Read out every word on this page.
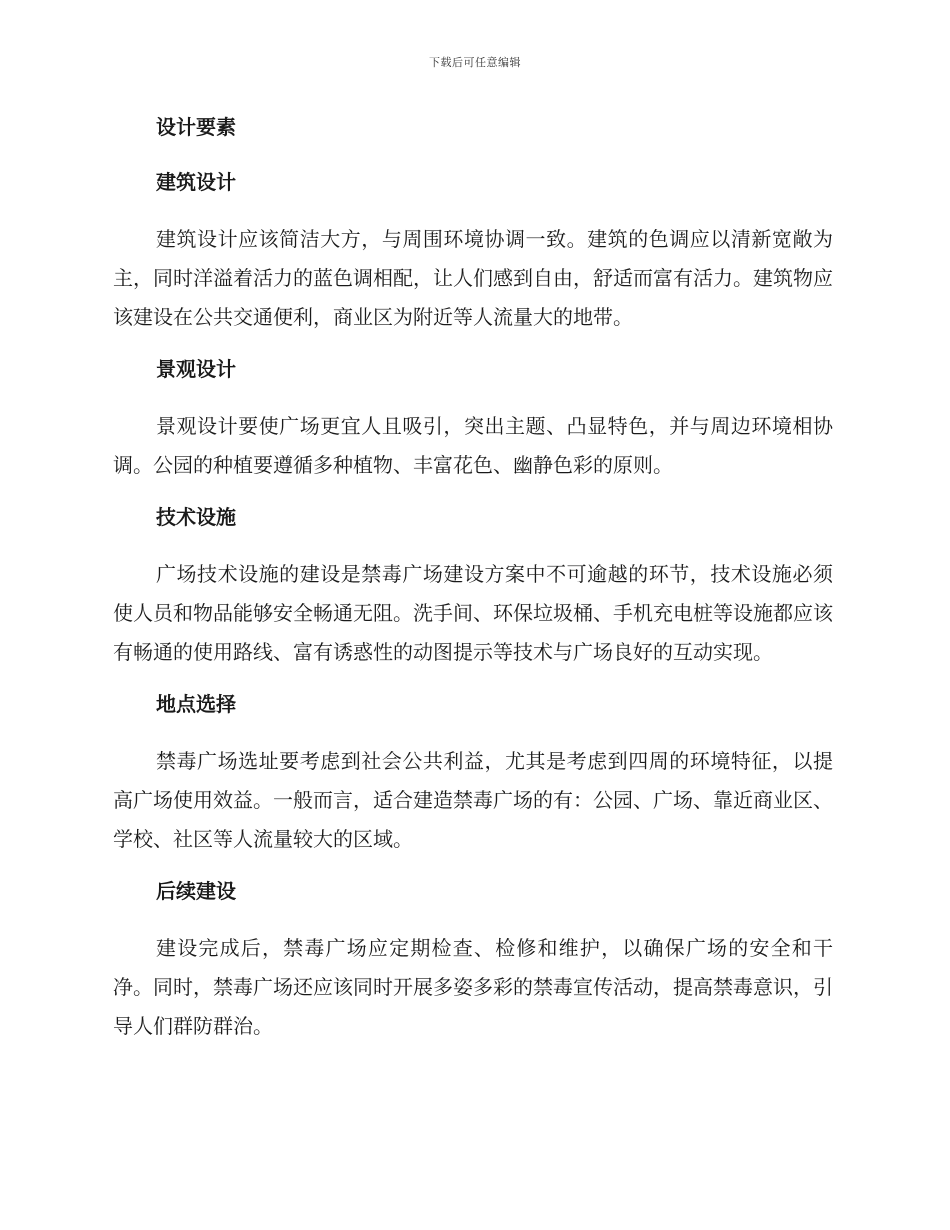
下载后可任意编辑
设计要素
建筑设计

建筑设计应该简洁大方，与周围环境协调一致。建筑的色调应以清新宽敞为主，同时洋溢着活力的蓝色调相配，让人们感到自由，舒适而富有活力。建筑物应该建设在公共交通便利，商业区为附近等人流量大的地带。

景观设计

景观设计要使广场更宜人且吸引，突出主题、凸显特色，并与周边环境相协调。公园的种植要遵循多种植物、丰富花色、幽静色彩的原则。

技术设施

广场技术设施的建设是禁毒广场建设方案中不可逾越的环节，技术设施必须使人员和物品能够安全畅通无阻。洗手间、环保垃圾桶、手机充电桩等设施都应该有畅通的使用路线、富有诱惑性的动图提示等技术与广场良好的互动实现。

地点选择

禁毒广场选址要考虑到社会公共利益，尤其是考虑到四周的环境特征，以提高广场使用效益。一般而言，适合建造禁毒广场的有：公园、广场、靠近商业区、学校、社区等人流量较大的区域。

后续建设

建设完成后，禁毒广场应定期检查、检修和维护，以确保广场的安全和干净。同时，禁毒广场还应该同时开展多姿多彩的禁毒宣传活动，提高禁毒意识，引导人们群防群治。
